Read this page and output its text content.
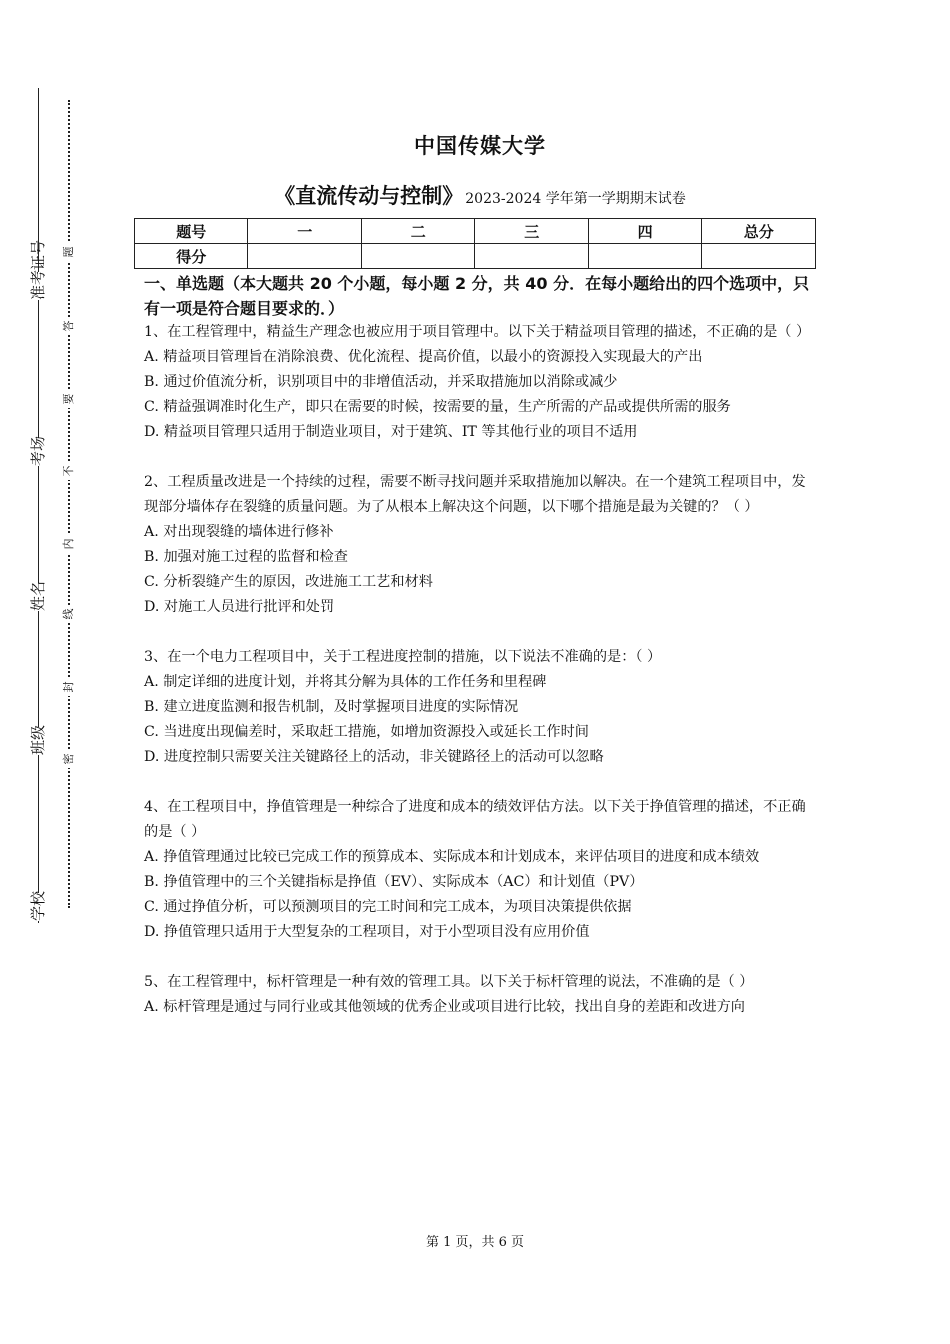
准考证号
考场
姓名
班级
学校
题
答
要
不
内
线
封
密
中国传媒大学
《直流传动与控制》 2023-2024 学年第一学期期末试卷
题号	一	二	三	四	总分
得分					
一、单选题（本大题共 20 个小题，每小题 2 分，共 40 分．在每小题给出的四个选项中，只有一项是符合题目要求的．）

1、在工程管理中，精益生产理念也被应用于项目管理中。以下关于精益项目管理的描述，不正确的是（ ）

A. 精益项目管理旨在消除浪费、优化流程、提高价值，以最小的资源投入实现最大的产出
B. 通过价值流分析，识别项目中的非增值活动，并采取措施加以消除或减少
C. 精益强调准时化生产，即只在需要的时候，按需要的量，生产所需的产品或提供所需的服务
D. 精益项目管理只适用于制造业项目，对于建筑、IT 等其他行业的项目不适用

2、工程质量改进是一个持续的过程，需要不断寻找问题并采取措施加以解决。在一个建筑工程项目中，发现部分墙体存在裂缝的质量问题。为了从根本上解决这个问题，以下哪个措施是最为关键的？（ ）

A. 对出现裂缝的墙体进行修补
B. 加强对施工过程的监督和检查
C. 分析裂缝产生的原因，改进施工工艺和材料
D. 对施工人员进行批评和处罚

3、在一个电力工程项目中，关于工程进度控制的措施，以下说法不准确的是：（ ）

A. 制定详细的进度计划，并将其分解为具体的工作任务和里程碑
B. 建立进度监测和报告机制，及时掌握项目进度的实际情况
C. 当进度出现偏差时，采取赶工措施，如增加资源投入或延长工作时间
D. 进度控制只需要关注关键路径上的活动，非关键路径上的活动可以忽略

4、在工程项目中，挣值管理是一种综合了进度和成本的绩效评估方法。以下关于挣值管理的描述，不正确的是（ ）

A. 挣值管理通过比较已完成工作的预算成本、实际成本和计划成本，来评估项目的进度和成本绩效
B. 挣值管理中的三个关键指标是挣值（EV）、实际成本（AC）和计划值（PV）
C. 通过挣值分析，可以预测项目的完工时间和完工成本，为项目决策提供依据
D. 挣值管理只适用于大型复杂的工程项目，对于小型项目没有应用价值

5、在工程管理中，标杆管理是一种有效的管理工具。以下关于标杆管理的说法，不准确的是（ ）

A. 标杆管理是通过与同行业或其他领域的优秀企业或项目进行比较，找出自身的差距和改进方向
第 1 页，共 6 页
